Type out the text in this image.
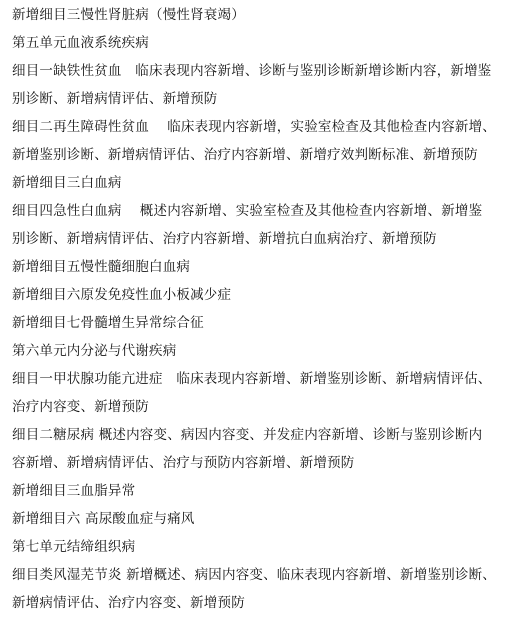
新增细目三慢性肾脏病（慢性肾衰竭）
第五单元血液系统疾病
细目一缺铁性贫血　临床表现内容新增、诊断与鉴别诊断新增诊断内容，新增鉴
别诊断、新增病情评估、新增预防
细目二再生障碍性贫血　 临床表现内容新增，实验室检查及其他检查内容新增、
新增鉴别诊断、新增病情评估、治疗内容新增、新增疗效判断标准、新增预防
新增细目三白血病
细目四急性白血病　 概述内容新增、实验室检查及其他检查内容新增、新增鉴
别诊断、新增病情评估、治疗内容新增、新增抗白血病治疗、新增预防
新增细目五慢性髓细胞白血病
新增细目六原发免疫性血小板减少症
新增细目七骨髓增生异常综合征
第六单元内分泌与代谢疾病
细目一甲状腺功能亢进症　临床表现内容新增、新增鉴别诊断、新增病情评估、
治疗内容变、新增预防
细目二糖尿病 概述内容变、病因内容变、并发症内容新增、诊断与鉴别诊断内
容新增、新增病情评估、治疗与预防内容新增、新增预防
新增细目三血脂异常
新增细目六 高尿酸血症与痛风
第七单元结缔组织病
细目类风湿芜节炎 新增概述、病因内容变、临床表现内容新增、新增鉴别诊断、
新增病情评估、治疗内容变、新增预防
